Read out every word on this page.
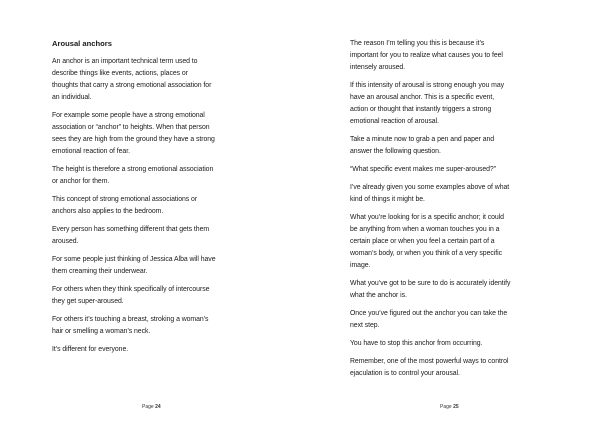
Arousal anchors

An anchor is an important technical term used to
describe things like events, actions, places or
thoughts that carry a strong emotional association for
an individual.

For example some people have a strong emotional
association or “anchor” to heights. When that person
sees they are high from the ground they have a strong
emotional reaction of fear.

The height is therefore a strong emotional association
or anchor for them.

This concept of strong emotional associations or
anchors also applies to the bedroom.

Every person has something different that gets them
aroused.

For some people just thinking of Jessica Alba will have
them creaming their underwear.

For others when they think specifically of intercourse
they get super-aroused.

For others it’s touching a breast, stroking a woman’s
hair or smelling a woman’s neck.

It’s different for everyone.

Page 24

The reason I’m telling you this is because it’s
important for you to realize what causes you to feel
intensely aroused.

If this intensity of arousal is strong enough you may
have an arousal anchor. This is a specific event,
action or thought that instantly triggers a strong
emotional reaction of arousal.

Take a minute now to grab a pen and paper and
answer the following question.

“What specific event makes me super-aroused?”

I’ve already given you some examples above of what
kind of things it might be.

What you’re looking for is a specific anchor; it could
be anything from when a woman touches you in a
certain place or when you feel a certain part of a
woman’s body, or when you think of a very specific
image.

What you’ve got to be sure to do is accurately identify
what the anchor is.

Once you’ve figured out the anchor you can take the
next step.

You have to stop this anchor from occurring.

Remember, one of the most powerful ways to control
ejaculation is to control your arousal.

Page 25
